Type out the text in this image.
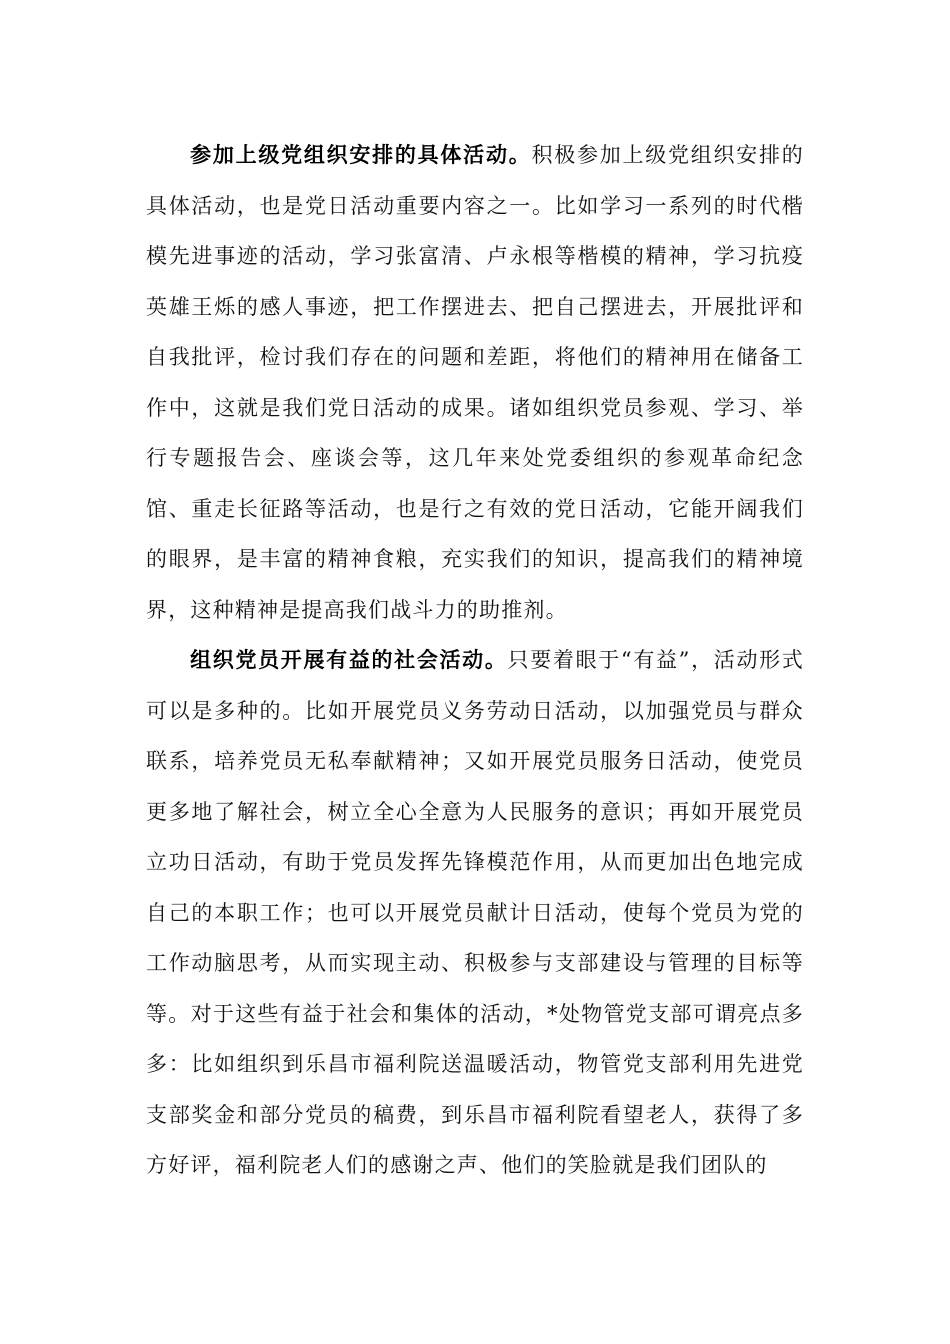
参加上级党组织安排的具体活动。积极参加上级党组织安排的具体活动，也是党日活动重要内容之一。比如学习一系列的时代楷模先进事迹的活动，学习张富清、卢永根等楷模的精神，学习抗疫英雄王烁的感人事迹，把工作摆进去、把自己摆进去，开展批评和自我批评，检讨我们存在的问题和差距，将他们的精神用在储备工作中，这就是我们党日活动的成果。诸如组织党员参观、学习、举行专题报告会、座谈会等，这几年来处党委组织的参观革命纪念馆、重走长征路等活动，也是行之有效的党日活动，它能开阔我们的眼界，是丰富的精神食粮，充实我们的知识，提高我们的精神境界，这种精神是提高我们战斗力的助推剂。

组织党员开展有益的社会活动。只要着眼于“有益”，活动形式可以是多种的。比如开展党员义务劳动日活动，以加强党员与群众联系，培养党员无私奉献精神；又如开展党员服务日活动，使党员更多地了解社会，树立全心全意为人民服务的意识；再如开展党员立功日活动，有助于党员发挥先锋模范作用，从而更加出色地完成自己的本职工作；也可以开展党员献计日活动，使每个党员为党的工作动脑思考，从而实现主动、积极参与支部建设与管理的目标等等。对于这些有益于社会和集体的活动，*处物管党支部可谓亮点多多：比如组织到乐昌市福利院送温暖活动，物管党支部利用先进党支部奖金和部分党员的稿费，到乐昌市福利院看望老人，获得了多方好评，福利院老人们的感谢之声、他们的笑脸就是我们团队的
